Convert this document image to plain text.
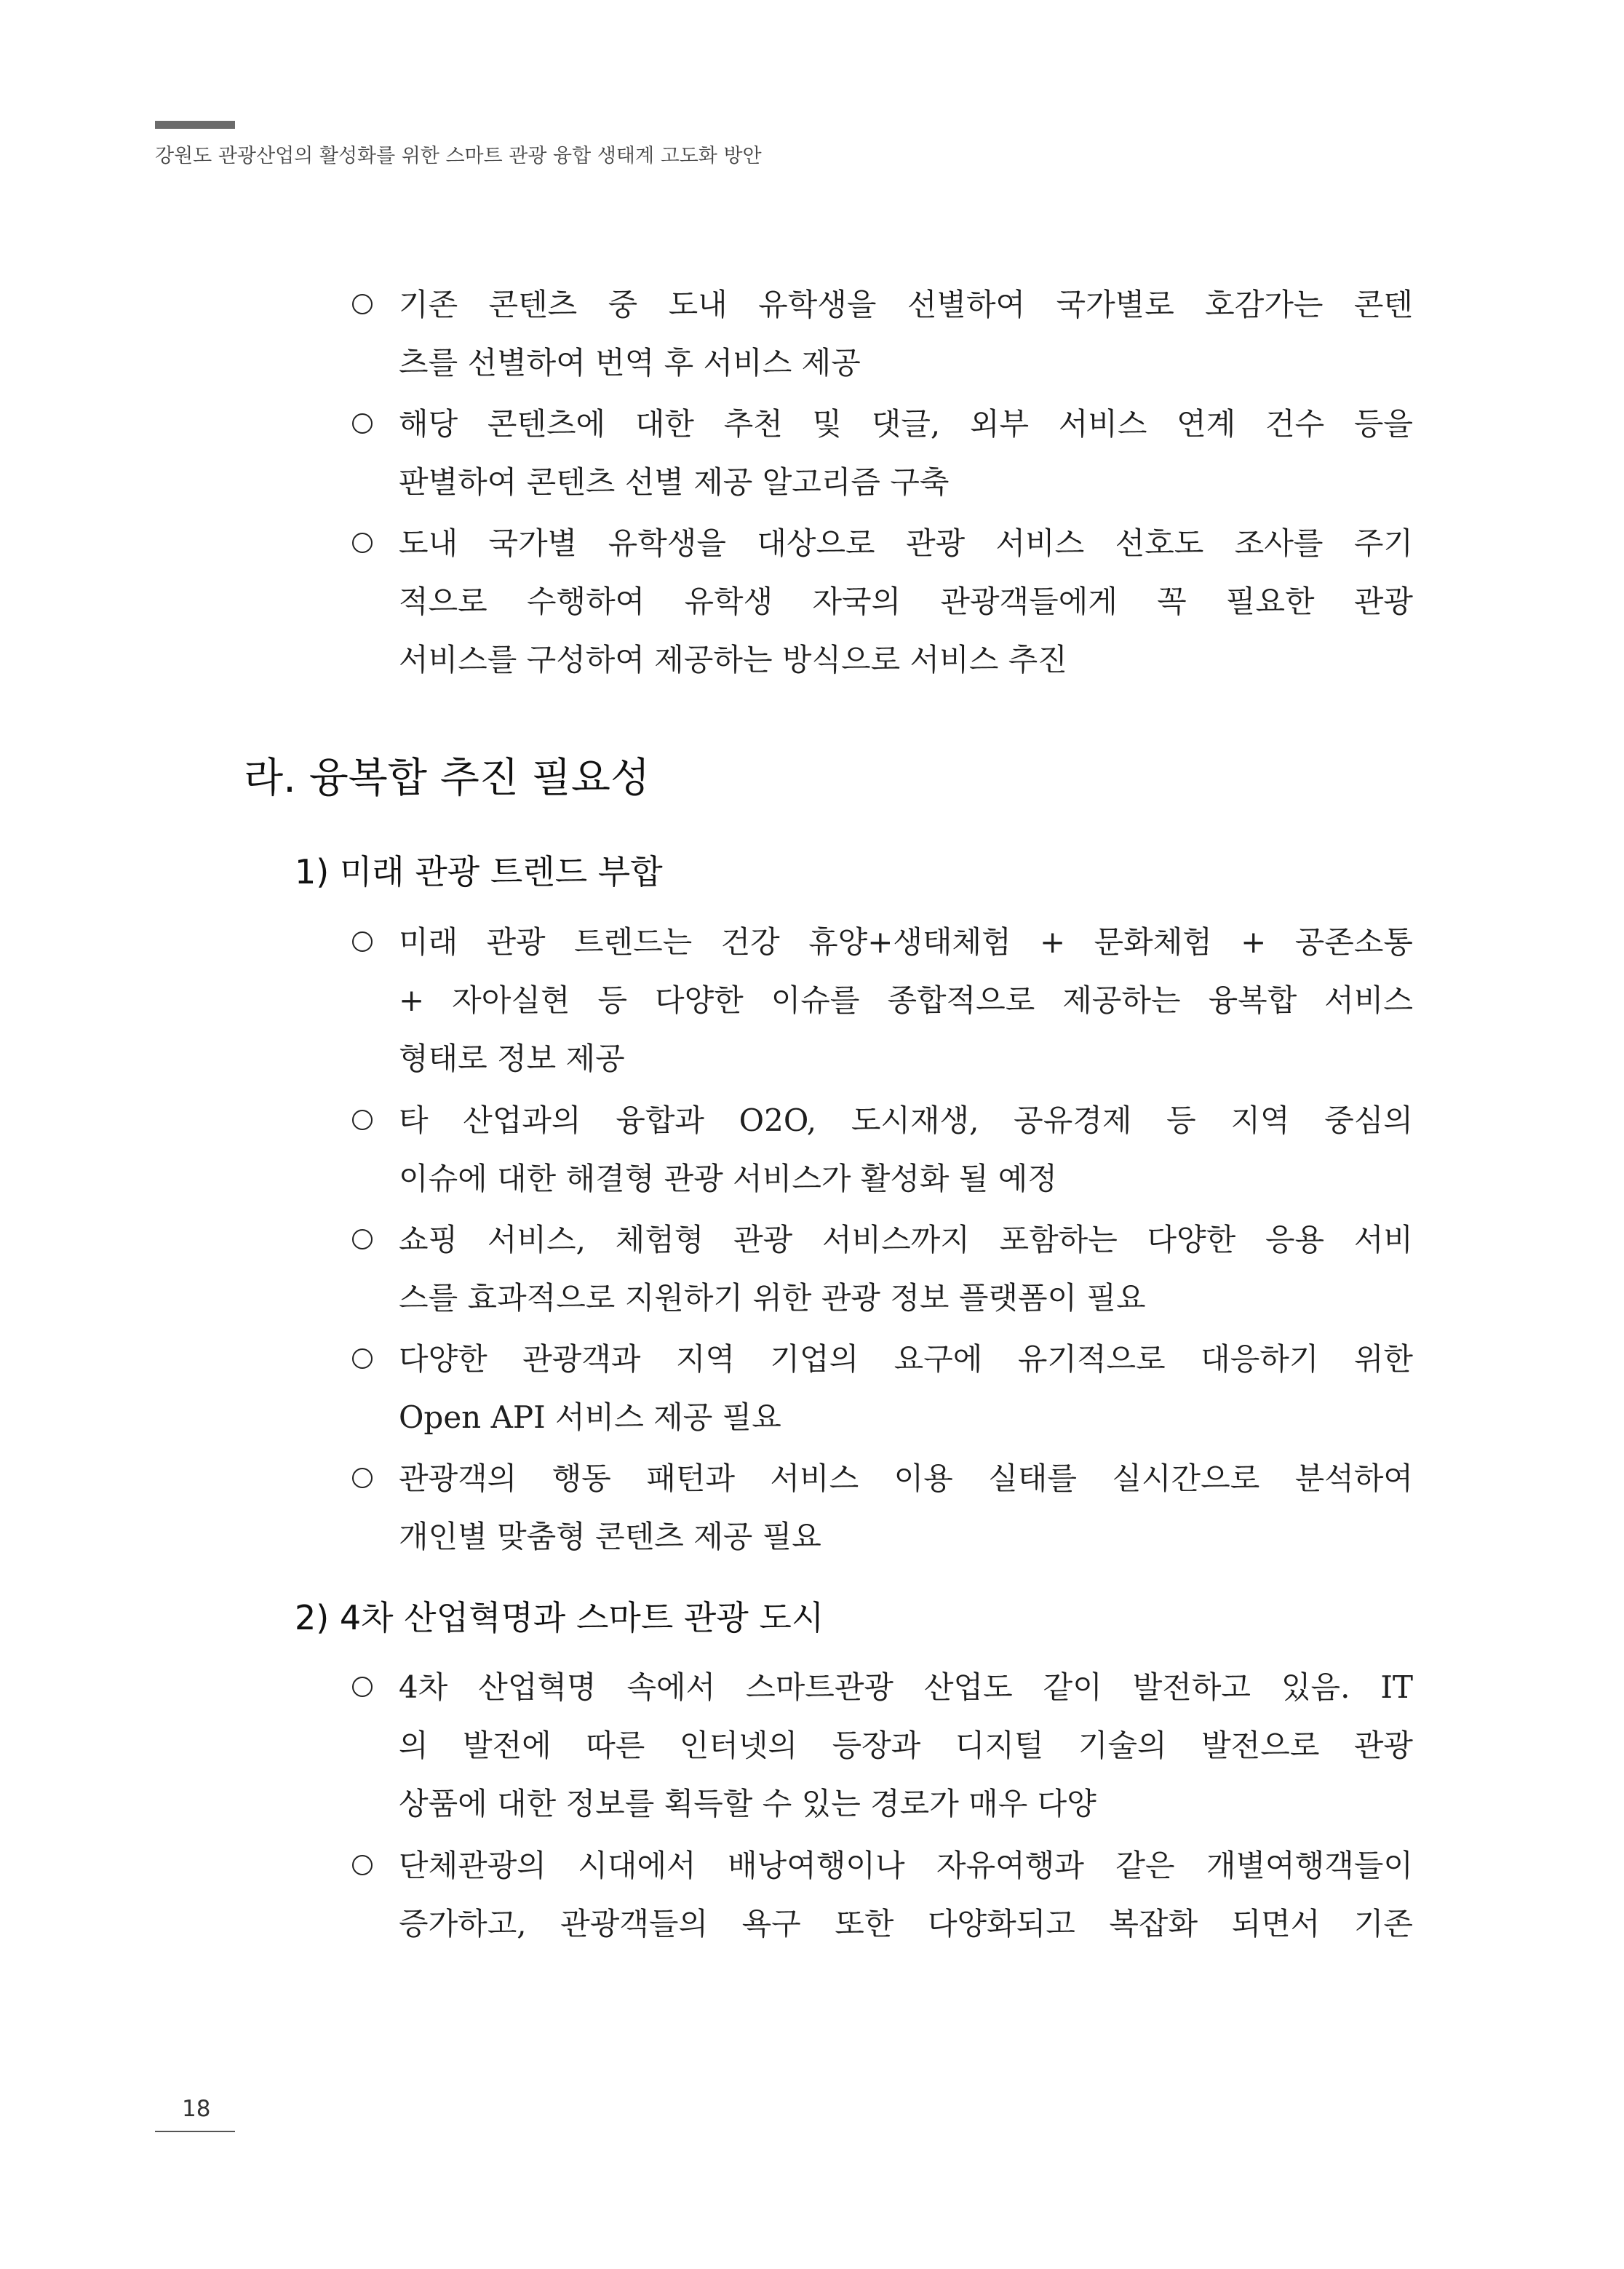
강원도 관광산업의 활성화를 위한 스마트 관광 융합 생태계 고도화 방안
기존 콘텐츠 중 도내 유학생을 선별하여 국가별로 호감가는 콘텐
츠를 선별하여 번역 후 서비스 제공
해당 콘텐츠에 대한 추천 및 댓글, 외부 서비스 연계 건수 등을
판별하여 콘텐츠 선별 제공 알고리즘 구축
도내 국가별 유학생을 대상으로 관광 서비스 선호도 조사를 주기
적으로 수행하여 유학생 자국의 관광객들에게 꼭 필요한 관광
서비스를 구성하여 제공하는 방식으로 서비스 추진
라. 융복합 추진 필요성
1) 미래 관광 트렌드 부합
미래 관광 트렌드는 건강 휴양+생태체험 + 문화체험 + 공존소통
+ 자아실현 등 다양한 이슈를 종합적으로 제공하는 융복합 서비스
형태로 정보 제공
타 산업과의 융합과 O2O, 도시재생, 공유경제 등 지역 중심의
이슈에 대한 해결형 관광 서비스가 활성화 될 예정
쇼핑 서비스, 체험형 관광 서비스까지 포함하는 다양한 응용 서비
스를 효과적으로 지원하기 위한 관광 정보 플랫폼이 필요
다양한 관광객과 지역 기업의 요구에 유기적으로 대응하기 위한
Open API 서비스 제공 필요
관광객의 행동 패턴과 서비스 이용 실태를 실시간으로 분석하여
개인별 맞춤형 콘텐츠 제공 필요
2) 4차 산업혁명과 스마트 관광 도시
4차 산업혁명 속에서 스마트관광 산업도 같이 발전하고 있음. IT
의 발전에 따른 인터넷의 등장과 디지털 기술의 발전으로 관광
상품에 대한 정보를 획득할 수 있는 경로가 매우 다양
단체관광의 시대에서 배낭여행이나 자유여행과 같은 개별여행객들이
증가하고, 관광객들의 욕구 또한 다양화되고 복잡화 되면서 기존
18
